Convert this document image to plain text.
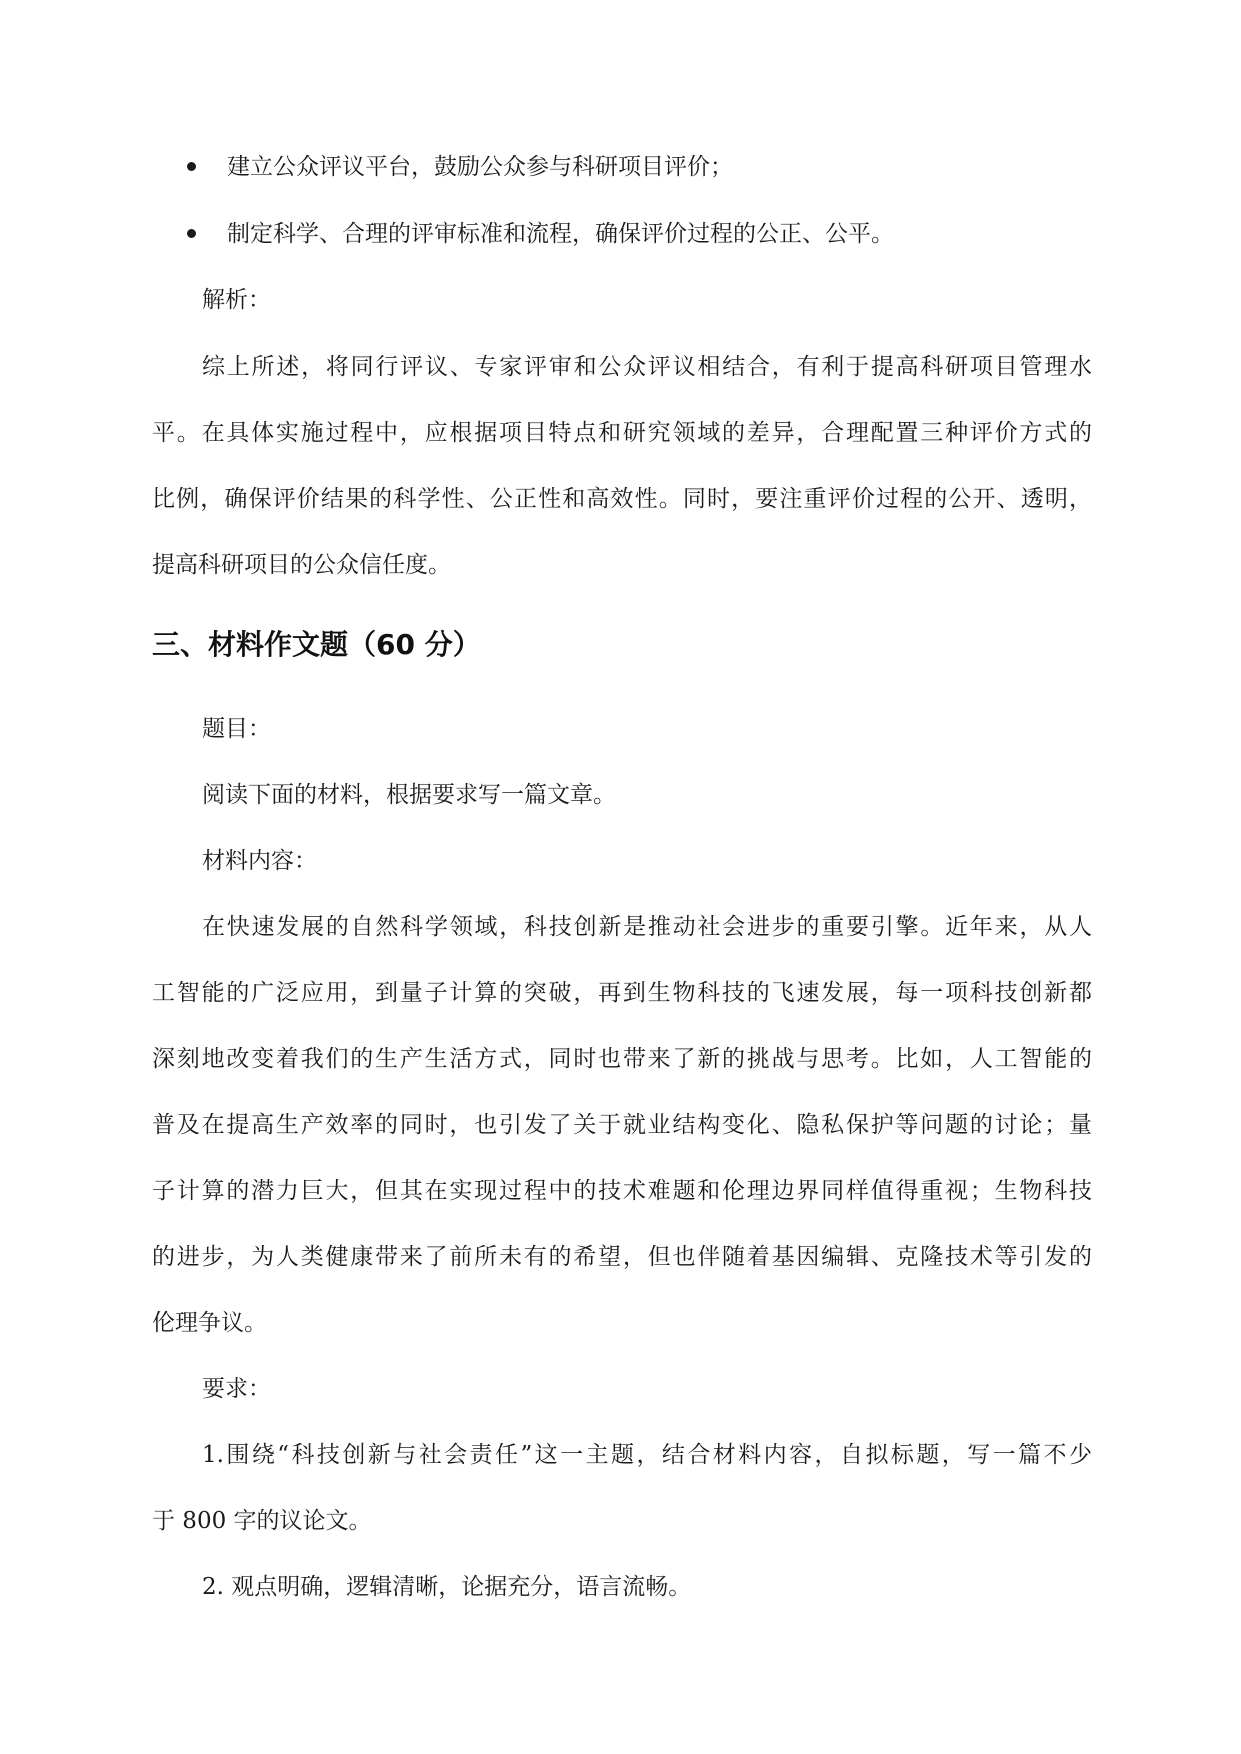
建立公众评议平台，鼓励公众参与科研项目评价；
制定科学、合理的评审标准和流程，确保评价过程的公正、公平。
解析：
综上所述，将同行评议、专家评审和公众评议相结合，有利于提高科研项目管理水
平。在具体实施过程中，应根据项目特点和研究领域的差异，合理配置三种评价方式的
比例，确保评价结果的科学性、公正性和高效性。同时，要注重评价过程的公开、透明，
提高科研项目的公众信任度。
三、材料作文题（60 分）
题目：
阅读下面的材料，根据要求写一篇文章。
材料内容：
在快速发展的自然科学领域，科技创新是推动社会进步的重要引擎。近年来，从人
工智能的广泛应用，到量子计算的突破，再到生物科技的飞速发展，每一项科技创新都
深刻地改变着我们的生产生活方式，同时也带来了新的挑战与思考。比如，人工智能的
普及在提高生产效率的同时，也引发了关于就业结构变化、隐私保护等问题的讨论；量
子计算的潜力巨大，但其在实现过程中的技术难题和伦理边界同样值得重视；生物科技
的进步，为人类健康带来了前所未有的希望，但也伴随着基因编辑、克隆技术等引发的
伦理争议。
要求：
1.围绕“科技创新与社会责任”这一主题，结合材料内容，自拟标题，写一篇不少
于 800 字的议论文。
2. 观点明确，逻辑清晰，论据充分，语言流畅。
